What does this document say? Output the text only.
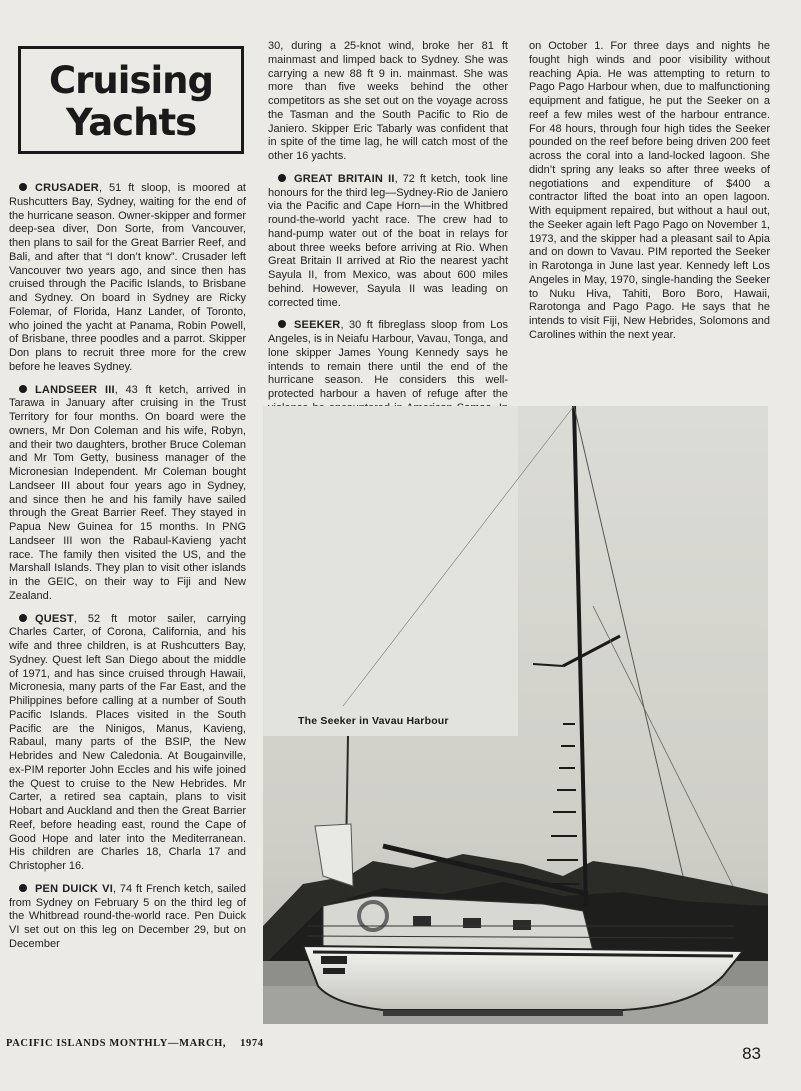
Cruising
Yachts

CRUSADER, 51 ft sloop, is moored at Rushcutters Bay, Sydney, waiting for the end of the hurricane season. Owner-skipper and former deep-sea diver, Don Sorte, from Vancouver, then plans to sail for the Great Barrier Reef, and Bali, and after that “I don’t know”. Crusader left Vancouver two years ago, and since then has cruised through the Pacific Islands, to Brisbane and Sydney. On board in Sydney are Ricky Folemar, of Florida, Hanz Lander, of Toronto, who joined the yacht at Panama, Robin Powell, of Brisbane, three poodles and a parrot. Skipper Don plans to recruit three more for the crew before he leaves Sydney.

LANDSEER III, 43 ft ketch, arrived in Tarawa in January after cruising in the Trust Territory for four months. On board were the owners, Mr Don Coleman and his wife, Robyn, and their two daughters, brother Bruce Coleman and Mr Tom Getty, business manager of the Micronesian Independent. Mr Coleman bought Landseer III about four years ago in Sydney, and since then he and his family have sailed through the Great Barrier Reef. They stayed in Papua New Guinea for 15 months. In PNG Landseer III won the Rabaul-Kavieng yacht race. The family then visited the US, and the Marshall Islands. They plan to visit other islands in the GEIC, on their way to Fiji and New Zealand.

QUEST, 52 ft motor sailer, carrying Charles Carter, of Corona, California, and his wife and three children, is at Rushcutters Bay, Sydney. Quest left San Diego about the middle of 1971, and has since cruised through Hawaii, Micronesia, many parts of the Far East, and the Philippines before calling at a number of South Pacific Islands. Places visited in the South Pacific are the Ninigos, Manus, Kavieng, Rabaul, many parts of the BSIP, the New Hebrides and New Caledonia. At Bougainville, ex-PIM reporter John Eccles and his wife joined the Quest to cruise to the New Hebrides. Mr Carter, a retired sea captain, plans to visit Hobart and Auckland and then the Great Barrier Reef, before heading east, round the Cape of Good Hope and later into the Mediterranean. His children are Charles 18, Charla 17 and Christopher 16.

PEN DUICK VI, 74 ft French ketch, sailed from Sydney on February 5 on the third leg of the Whitbread round-the-world race. Pen Duick VI set out on this leg on December 29, but on December

30, during a 25-knot wind, broke her 81 ft mainmast and limped back to Sydney. She was carrying a new 88 ft 9 in. mainmast. She was more than five weeks behind the other competitors as she set out on the voyage across the Tasman and the South Pacific to Rio de Janiero. Skipper Eric Tabarly was confident that in spite of the time lag, he will catch most of the other 16 yachts.

GREAT BRITAIN II, 72 ft ketch, took line honours for the third leg—Sydney-Rio de Janiero via the Pacific and Cape Horn—in the Whitbred round-the-world yacht race. The crew had to hand-pump water out of the boat in relays for about three weeks before arriving at Rio. When Great Britain II arrived at Rio the nearest yacht Sayula II, from Mexico, was about 600 miles behind. However, Sayula II was leading on corrected time.

SEEKER, 30 ft fibreglass sloop from Los Angeles, is in Neiafu Harbour, Vavau, Tonga, and lone skipper James Young Kennedy says he intends to remain there until the end of the hurricane season. He considers this well-protected harbour a haven of refuge after the

on October 1. For three days and nights he fought high winds and poor visibility without reaching Apia. He was attempting to return to Pago Pago Harbour when, due to malfunctioning equipment and fatigue, he put the Seeker on a reef a few miles west of the harbour entrance. For 48 hours, through four high tides the Seeker pounded on the reef before being driven 200 feet across the coral into a land-locked lagoon. She didn’t spring any leaks so after three weeks of negotiations and expenditure of $400 a contractor lifted the boat into an open lagoon. With equipment repaired, but without a haul out, the Seeker again left Pago Pago on November 1, 1973, and the skipper had a pleasant sail to Apia and on down to Vavau. PIM reported the Seeker in Rarotonga in June last year. Kennedy left Los Angeles in May, 1970, single-handing the Seeker to Nuku Hiva, Tahiti, Boro Boro, Hawaii, Rarotonga and Pago Pago. He says that he intends to visit Fiji, New Hebrides, Solomons and Carolines within the next year.

The Seeker in Vavau Harbour
PACIFIC ISLANDS MONTHLY—MARCH, 1974
83
